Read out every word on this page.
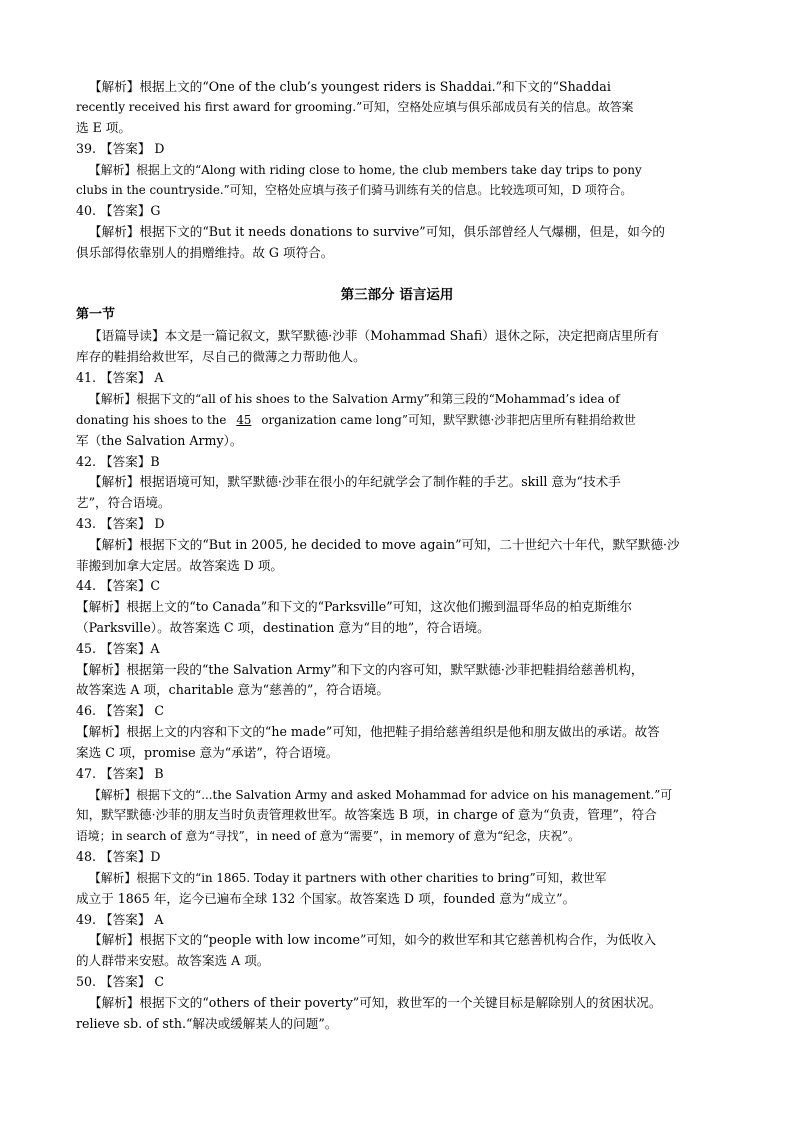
【解析】根据上文的“One of the club’s youngest riders is Shaddai.”和下文的“Shaddai
recently received his first award for grooming.”可知，空格处应填与俱乐部成员有关的信息。故答案
选 E 项。
39. 【答案】 D
【解析】根据上文的“Along with riding close to home, the club members take day trips to pony
clubs in the countryside.”可知，空格处应填与孩子们骑马训练有关的信息。比较选项可知，D 项符合。
40. 【答案】G
【解析】根据下文的“But it needs donations to survive”可知，俱乐部曾经人气爆棚，但是，如今的
俱乐部得依靠别人的捐赠维持。故 G 项符合。
第三部分 语言运用
第一节
【语篇导读】本文是一篇记叙文，默罕默德·沙菲（Mohammad Shafi）退休之际，决定把商店里所有
库存的鞋捐给救世军，尽自己的微薄之力帮助他人。
41. 【答案】 A
【解析】根据下文的“all of his shoes to the Salvation Army”和第三段的“Mohammad’s idea of
donating his shoes to the 45 organization came long”可知，默罕默德·沙菲把店里所有鞋捐给救世
军（the Salvation Army）。
42. 【答案】B
【解析】根据语境可知，默罕默德·沙菲在很小的年纪就学会了制作鞋的手艺。skill 意为“技术手
艺”，符合语境。
43. 【答案】 D
【解析】根据下文的“But in 2005, he decided to move again”可知，二十世纪六十年代，默罕默德·沙
菲搬到加拿大定居。故答案选 D 项。
44. 【答案】C
【解析】根据上文的“to Canada”和下文的“Parksville”可知，这次他们搬到温哥华岛的柏克斯维尔
（Parksville）。故答案选 C 项，destination 意为“目的地”，符合语境。
45. 【答案】A
【解析】根据第一段的“the Salvation Army”和下文的内容可知，默罕默德·沙菲把鞋捐给慈善机构，
故答案选 A 项，charitable 意为“慈善的”，符合语境。
46. 【答案】 C
【解析】根据上文的内容和下文的“he made”可知，他把鞋子捐给慈善组织是他和朋友做出的承诺。故答
案选 C 项，promise 意为“承诺”，符合语境。
47. 【答案】 B
【解析】根据下文的“...the Salvation Army and asked Mohammad for advice on his management.”可
知，默罕默德·沙菲的朋友当时负责管理救世军。故答案选 B 项，in charge of 意为“负责，管理”，符合
语境；in search of 意为“寻找”，in need of 意为“需要”，in memory of 意为“纪念，庆祝”。
48. 【答案】D
【解析】根据下文的“in 1865. Today it partners with other charities to bring”可知，救世军
成立于 1865 年，迄今已遍布全球 132 个国家。故答案选 D 项，founded 意为“成立”。
49. 【答案】 A
【解析】根据下文的“people with low income”可知，如今的救世军和其它慈善机构合作，为低收入
的人群带来安慰。故答案选 A 项。
50. 【答案】 C
【解析】根据下文的“others of their poverty”可知，救世军的一个关键目标是解除别人的贫困状况。
relieve sb. of sth.“解决或缓解某人的问题”。
